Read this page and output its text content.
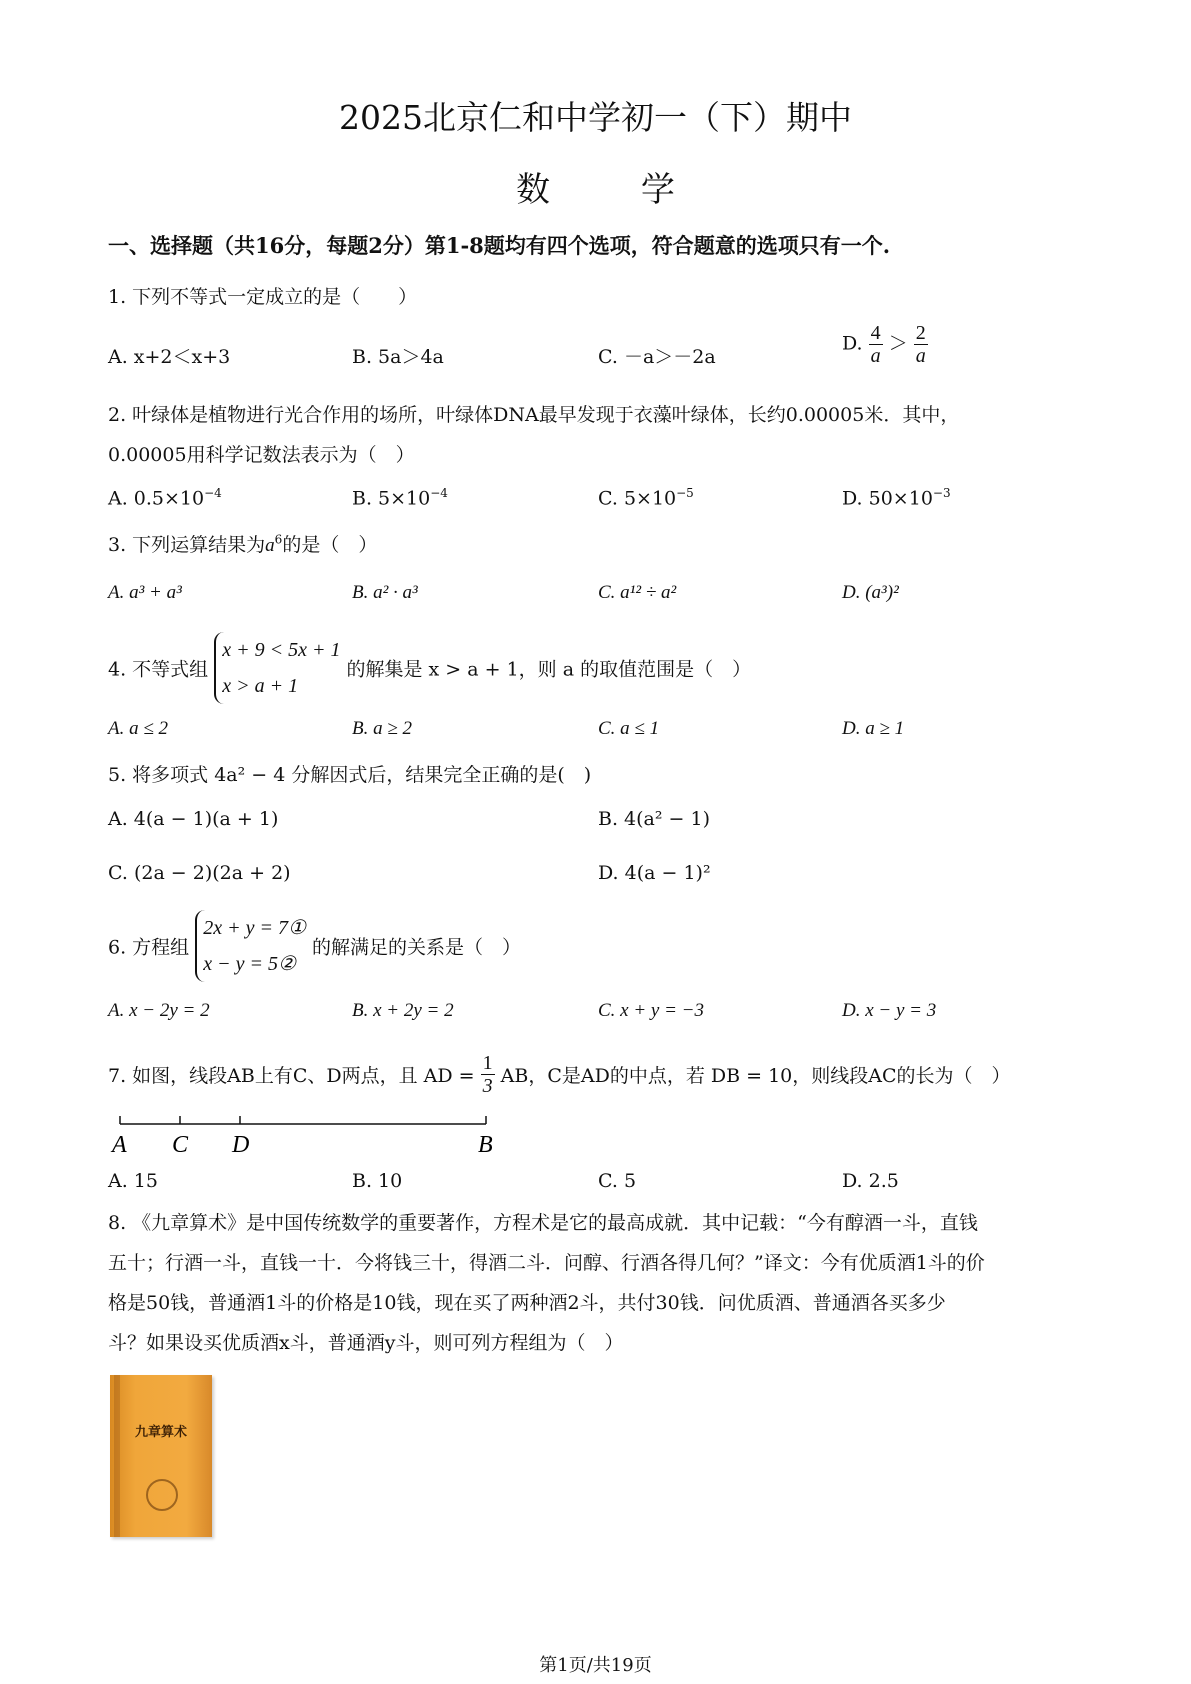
2025北京仁和中学初一（下）期中
数 学
一、选择题（共16分，每题2分）第1-8题均有四个选项，符合题意的选项只有一个.
1. 下列不等式一定成立的是（　　）
A. x+2＜x+3	B. 5a＞4a	C. －a＞－2a
D. $\frac{4}{a} > \frac{2}{a}$
2. 叶绿体是植物进行光合作用的场所，叶绿体DNA最早发现于衣藻叶绿体，长约0.00005米．其中，
0.00005用科学记数法表示为（　）
A. $0.5\times 10^{-4}$	B. $5\times 10^{-4}$	C. $5\times 10^{-5}$	D. $50\times 10^{-3}$
3. 下列运算结果为$a^6$的是（　）
A. a³ + a³	B. a² · a³	C. a¹² ÷ a²	D. (a³)²
4. 不等式组
x + 9 < 5x + 1
x > a + 1
的解集是 x > a + 1，则 a 的取值范围是（　）
A. a ≤ 2	B. a ≥ 2	C. a ≤ 1	D. a ≥ 1
5. 将多项式 4a² − 4 分解因式后，结果完全正确的是(　)
A. 4(a − 1)(a + 1)	B. 4(a² − 1)
C. (2a − 2)(2a + 2)	D. 4(a − 1)²
6. 方程组
2x + y = 7①
x − y = 5②
的解满足的关系是（　）
A. x − 2y = 2	B. x + 2y = 2	C. x + y = −3	D. x − y = 3
7. 如图，线段AB上有C、D两点，且 AD = $\frac{1}{3}$ AB，C是AD的中点，若 DB = 10，则线段AC的长为（　）
A C D	B
A. 15	B. 10	C. 5	D. 2.5
8. 《九章算术》是中国传统数学的重要著作，方程术是它的最高成就．其中记载：“今有醇酒一斗，直钱
五十；行酒一斗，直钱一十．今将钱三十，得酒二斗．问醇、行酒各得几何？”译文：今有优质酒1斗的价
格是50钱，普通酒1斗的价格是10钱，现在买了两种酒2斗，共付30钱．问优质酒、普通酒各买多少
斗？如果设买优质酒x斗，普通酒y斗，则可列方程组为（　）
九章算术
第1页/共19页
